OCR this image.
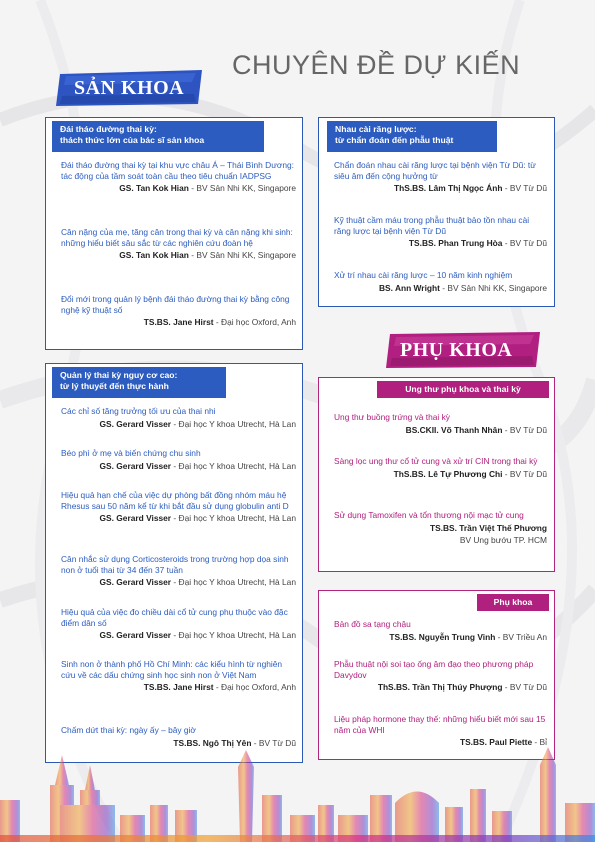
CHUYÊN ĐỀ DỰ KIẾN
SẢN KHOA
Đái tháo đường thai kỳ:
thách thức lớn của bác sĩ sản khoa
Đái tháo đường thai kỳ tại khu vực châu Á – Thái Bình Dương: tác động của tầm soát toàn cầu theo tiêu chuẩn IADPSG
GS. Tan Kok Hian - BV Sản Nhi KK, Singapore
Cân nặng của mẹ, tăng cân trong thai kỳ và cân nặng khi sinh: những hiểu biết sâu sắc từ các nghiên cứu đoàn hệ
GS. Tan Kok Hian - BV Sản Nhi KK, Singapore
Đổi mới trong quản lý bệnh đái tháo đường thai kỳ bằng công nghệ kỹ thuật số
TS.BS. Jane Hirst - Đại học Oxford, Anh
Nhau cài răng lược:
từ chẩn đoán đến phẫu thuật
Chẩn đoán nhau cài răng lược tại bệnh viện Từ Dũ: từ siêu âm đến cộng hưởng từ
ThS.BS. Lâm Thị Ngọc Ánh - BV Từ Dũ
Kỹ thuật cầm máu trong phẫu thuật bảo tồn nhau cài răng lược tại bệnh viện Từ Dũ
TS.BS. Phan Trung Hòa - BV Từ Dũ
Xử trí nhau cài răng lược – 10 năm kinh nghiệm
BS. Ann Wright - BV Sản Nhi KK, Singapore
PHỤ KHOA
Quản lý thai kỳ nguy cơ cao:
từ lý thuyết đến thực hành
Các chỉ số tăng trưởng tối ưu của thai nhi
GS. Gerard Visser - Đại học Y khoa Utrecht, Hà Lan
Béo phì ở mẹ và biến chứng chu sinh
GS. Gerard Visser - Đại học Y khoa Utrecht, Hà Lan
Hiệu quả hạn chế của việc dự phòng bất đồng nhóm máu hệ Rhesus sau 50 năm kể từ khi bắt đầu sử dụng globulin anti D
GS. Gerard Visser - Đại học Y khoa Utrecht, Hà Lan
Cân nhắc sử dụng Corticosteroids trong trường hợp dọa sinh non ở tuổi thai từ 34 đến 37 tuần
GS. Gerard Visser - Đại học Y khoa Utrecht, Hà Lan
Hiệu quả của việc đo chiều dài cổ tử cung phụ thuộc vào đặc điểm dân số
GS. Gerard Visser - Đại học Y khoa Utrecht, Hà Lan
Sinh non ở thành phố Hồ Chí Minh: các kiểu hình từ nghiên cứu về các dấu chứng sinh học sinh non ở Việt Nam
TS.BS. Jane Hirst - Đại học Oxford, Anh
Chấm dứt thai kỳ: ngày ấy – bây giờ
TS.BS. Ngô Thị Yên - BV Từ Dũ
Ung thư phụ khoa và thai kỳ
Ung thư buồng trứng và thai kỳ
BS.CKII. Võ Thanh Nhân - BV Từ Dũ
Sàng lọc ung thư cổ tử cung và xử trí CIN trong thai kỳ
ThS.BS. Lê Tự Phương Chi - BV Từ Dũ
Sử dụng Tamoxifen và tổn thương nội mạc tử cung
TS.BS. Trần Việt Thế Phương
BV Ung bướu TP. HCM
Phụ khoa
Bản đồ sa tạng chậu
TS.BS. Nguyễn Trung Vinh - BV Triều An
Phẫu thuật nội soi tạo ống âm đạo theo phương pháp Davydov
ThS.BS. Trần Thị Thúy Phượng - BV Từ Dũ
Liệu pháp hormone thay thế: những hiểu biết mới sau 15 năm của WHI
TS.BS. Paul Piette - Bỉ
